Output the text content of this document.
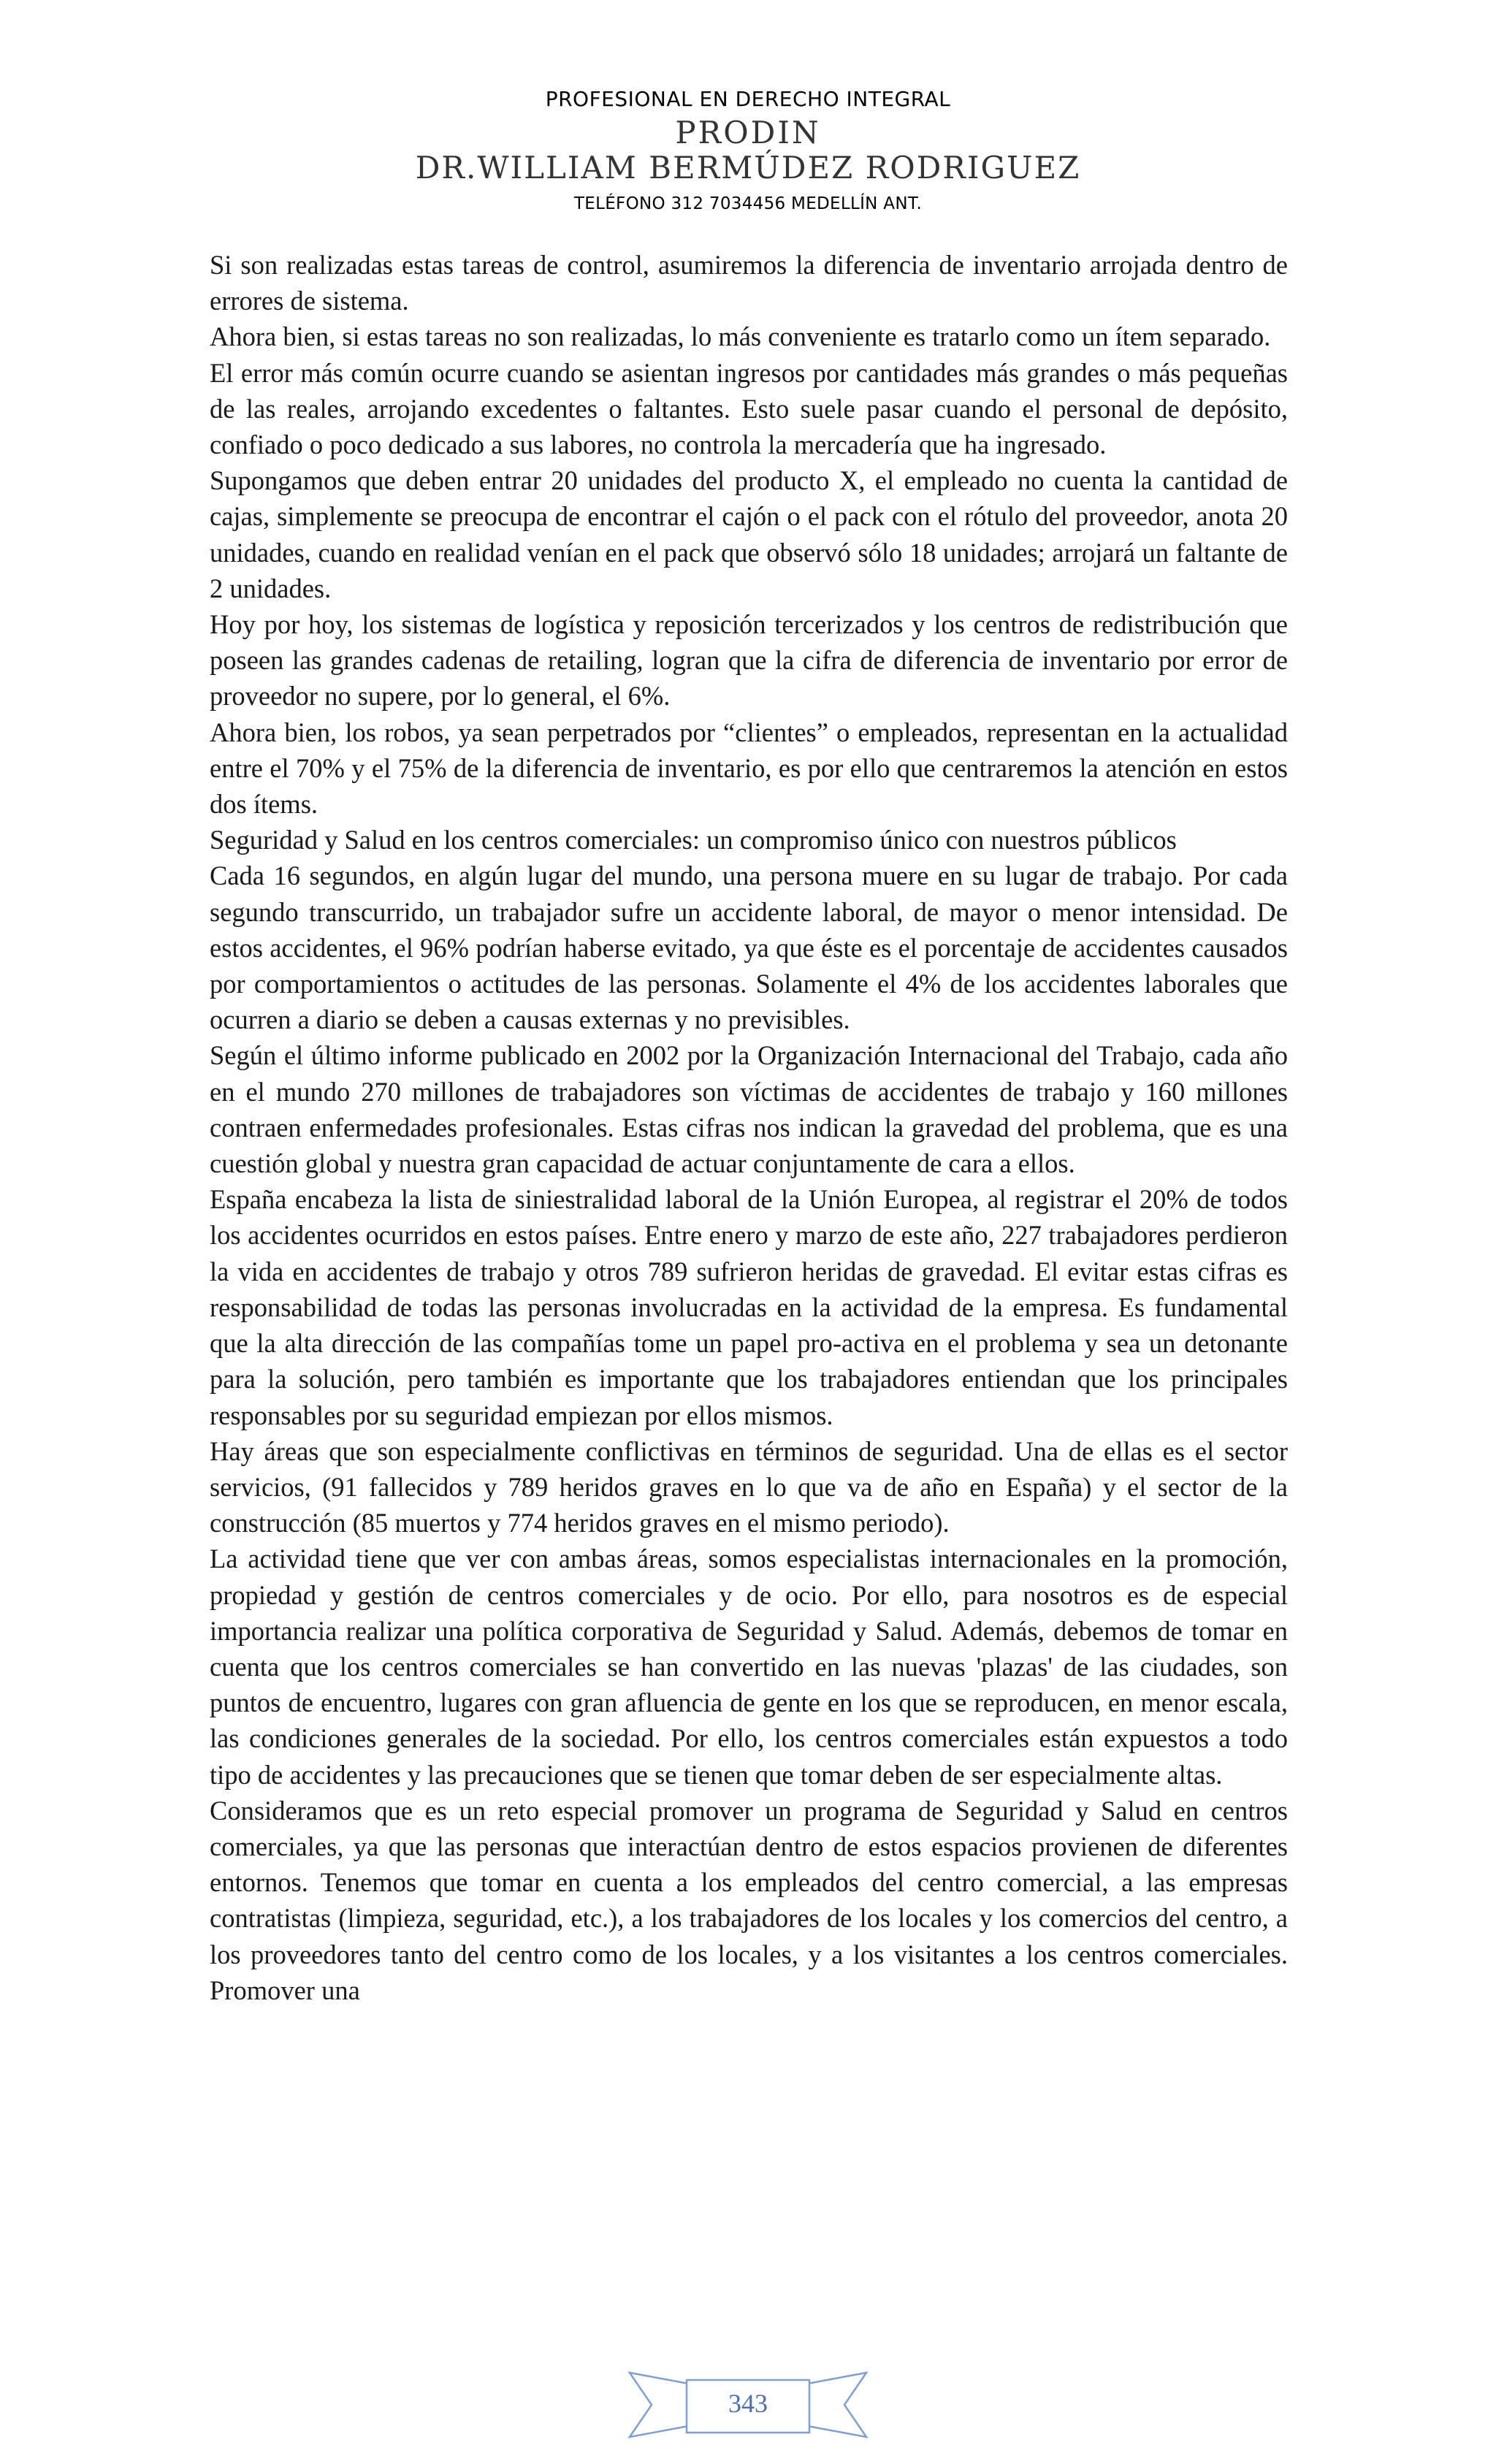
PROFESIONAL EN DERECHO INTEGRAL
PRODIN
DR.WILLIAM BERMÚDEZ RODRIGUEZ
TELÉFONO 312 7034456 MEDELLÍN ANT.

Si son realizadas estas tareas de control, asumiremos la diferencia de inventario arrojada dentro de errores de sistema.

Ahora bien, si estas tareas no son realizadas, lo más conveniente es tratarlo como un ítem separado.

El error más común ocurre cuando se asientan ingresos por cantidades más grandes o más pequeñas de las reales, arrojando excedentes o faltantes. Esto suele pasar cuando el personal de depósito, confiado o poco dedicado a sus labores, no controla la mercadería que ha ingresado.

Supongamos que deben entrar 20 unidades del producto X, el empleado no cuenta la cantidad de cajas, simplemente se preocupa de encontrar el cajón o el pack con el rótulo del proveedor, anota 20 unidades, cuando en realidad venían en el pack que observó sólo 18 unidades; arrojará un faltante de 2 unidades.

Hoy por hoy, los sistemas de logística y reposición tercerizados y los centros de redistribución que poseen las grandes cadenas de retailing, logran que la cifra de diferencia de inventario por error de proveedor no supere, por lo general, el 6%.

Ahora bien, los robos, ya sean perpetrados por “clientes” o empleados, representan en la actualidad entre el 70% y el 75% de la diferencia de inventario, es por ello que centraremos la atención en estos dos ítems.

Seguridad y Salud en los centros comerciales: un compromiso único con nuestros públicos

Cada 16 segundos, en algún lugar del mundo, una persona muere en su lugar de trabajo. Por cada segundo transcurrido, un trabajador sufre un accidente laboral, de mayor o menor intensidad. De estos accidentes, el 96% podrían haberse evitado, ya que éste es el porcentaje de accidentes causados por comportamientos o actitudes de las personas. Solamente el 4% de los accidentes laborales que ocurren a diario se deben a causas externas y no previsibles.

Según el último informe publicado en 2002 por la Organización Internacional del Trabajo, cada año en el mundo 270 millones de trabajadores son víctimas de accidentes de trabajo y 160 millones contraen enfermedades profesionales. Estas cifras nos indican la gravedad del problema, que es una cuestión global y nuestra gran capacidad de actuar conjuntamente de cara a ellos.

España encabeza la lista de siniestralidad laboral de la Unión Europea, al registrar el 20% de todos los accidentes ocurridos en estos países. Entre enero y marzo de este año, 227 trabajadores perdieron la vida en accidentes de trabajo y otros 789 sufrieron heridas de gravedad. El evitar estas cifras es responsabilidad de todas las personas involucradas en la actividad de la empresa. Es fundamental que la alta dirección de las compañías tome un papel pro-activa en el problema y sea un detonante para la solución, pero también es importante que los trabajadores entiendan que los principales responsables por su seguridad empiezan por ellos mismos.

Hay áreas que son especialmente conflictivas en términos de seguridad. Una de ellas es el sector servicios, (91 fallecidos y 789 heridos graves en lo que va de año en España) y el sector de la construcción (85 muertos y 774 heridos graves en el mismo periodo).

La actividad tiene que ver con ambas áreas, somos especialistas internacionales en la promoción, propiedad y gestión de centros comerciales y de ocio. Por ello, para nosotros es de especial importancia realizar una política corporativa de Seguridad y Salud. Además, debemos de tomar en cuenta que los centros comerciales se han convertido en las nuevas 'plazas' de las ciudades, son puntos de encuentro, lugares con gran afluencia de gente en los que se reproducen, en menor escala, las condiciones generales de la sociedad. Por ello, los centros comerciales están expuestos a todo tipo de accidentes y las precauciones que se tienen que tomar deben de ser especialmente altas.

Consideramos que es un reto especial promover un programa de Seguridad y Salud en centros comerciales, ya que las personas que interactúan dentro de estos espacios provienen de diferentes entornos. Tenemos que tomar en cuenta a los empleados del centro comercial, a las empresas contratistas (limpieza, seguridad, etc.), a los trabajadores de los locales y los comercios del centro, a los proveedores tanto del centro como de los locales, y a los visitantes a los centros comerciales. Promover una

343
